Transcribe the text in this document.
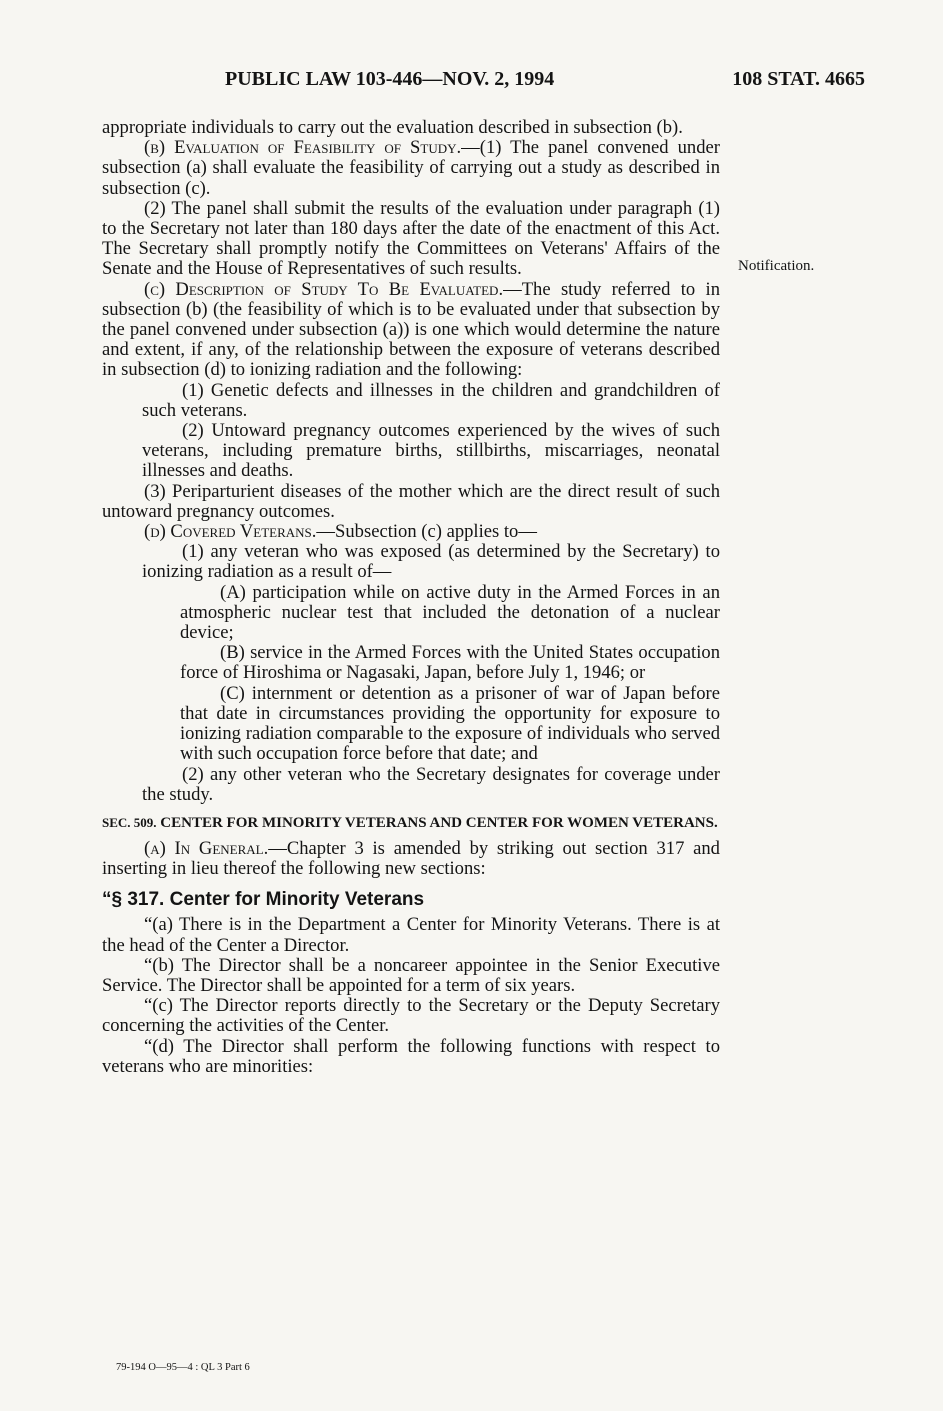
PUBLIC LAW 103-446—NOV. 2, 1994	108 STAT. 4665
Notification.

appropriate individuals to carry out the evaluation described in subsection (b).

(b) Evaluation of Feasibility of Study.—(1) The panel convened under subsection (a) shall evaluate the feasibility of carrying out a study as described in subsection (c).

(2) The panel shall submit the results of the evaluation under paragraph (1) to the Secretary not later than 180 days after the date of the enactment of this Act. The Secretary shall promptly notify the Committees on Veterans' Affairs of the Senate and the House of Representatives of such results.

(c) Description of Study To Be Evaluated.—The study referred to in subsection (b) (the feasibility of which is to be evaluated under that subsection by the panel convened under subsection (a)) is one which would determine the nature and extent, if any, of the relationship between the exposure of veterans described in subsection (d) to ionizing radiation and the following:

(1) Genetic defects and illnesses in the children and grandchildren of such veterans.

(2) Untoward pregnancy outcomes experienced by the wives of such veterans, including premature births, stillbirths, miscarriages, neonatal illnesses and deaths.

(3) Periparturient diseases of the mother which are the direct result of such untoward pregnancy outcomes.

(d) Covered Veterans.—Subsection (c) applies to—

(1) any veteran who was exposed (as determined by the Secretary) to ionizing radiation as a result of—

(A) participation while on active duty in the Armed Forces in an atmospheric nuclear test that included the detonation of a nuclear device;

(B) service in the Armed Forces with the United States occupation force of Hiroshima or Nagasaki, Japan, before July 1, 1946; or

(C) internment or detention as a prisoner of war of Japan before that date in circumstances providing the opportunity for exposure to ionizing radiation comparable to the exposure of individuals who served with such occupation force before that date; and

(2) any other veteran who the Secretary designates for coverage under the study.

SEC. 509. CENTER FOR MINORITY VETERANS AND CENTER FOR WOMEN VETERANS.

(a) In General.—Chapter 3 is amended by striking out section 317 and inserting in lieu thereof the following new sections:

“§ 317. Center for Minority Veterans

“(a) There is in the Department a Center for Minority Veterans. There is at the head of the Center a Director.

“(b) The Director shall be a noncareer appointee in the Senior Executive Service. The Director shall be appointed for a term of six years.

“(c) The Director reports directly to the Secretary or the Deputy Secretary concerning the activities of the Center.

“(d) The Director shall perform the following functions with respect to veterans who are minorities:

79-194 O—95—4 : QL 3 Part 6
